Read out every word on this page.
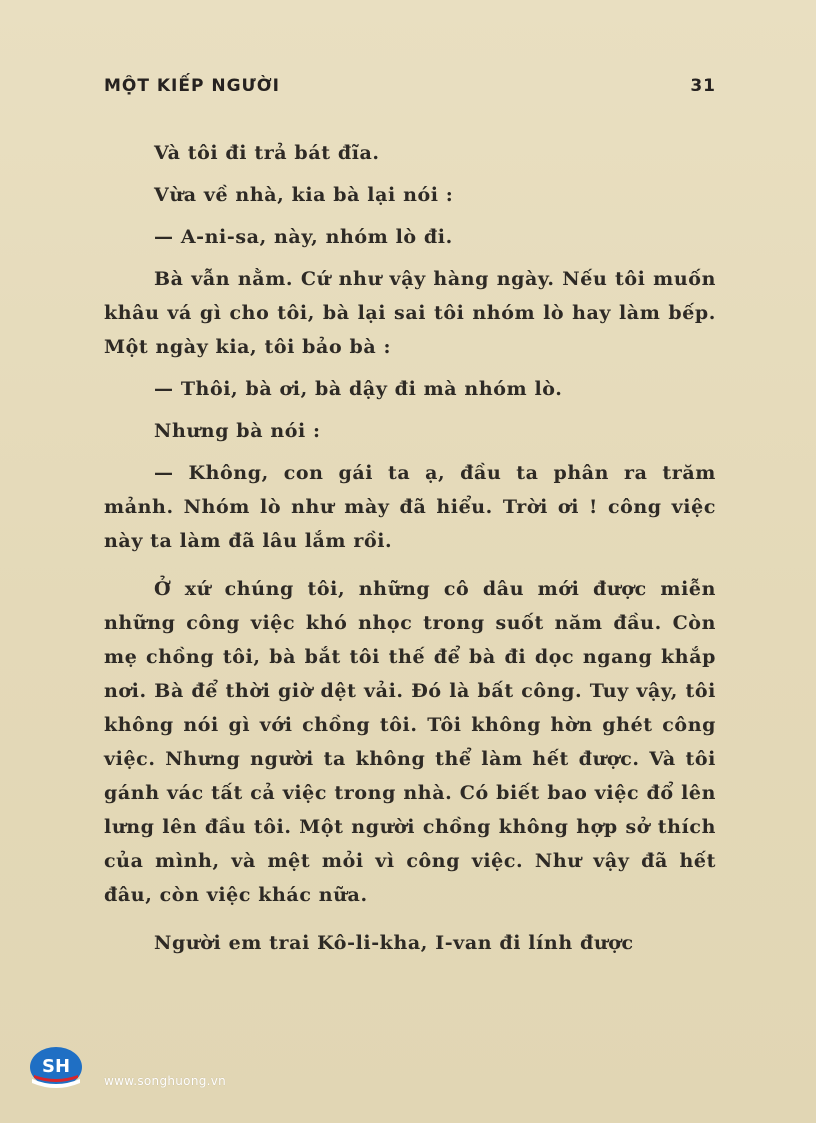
MỘT KIẾP NGƯỜI	31

Và tôi đi trả bát đĩa.

Vừa về nhà, kia bà lại nói :

— A-ni-sa, này, nhóm lò đi.

Bà vẫn nằm. Cứ như vậy hàng ngày. Nếu tôi muốn khâu vá gì cho tôi, bà lại sai tôi nhóm lò hay làm bếp. Một ngày kia, tôi bảo bà :

— Thôi, bà ơi, bà dậy đi mà nhóm lò.

Nhưng bà nói :

— Không, con gái ta ạ, đầu ta phân ra trăm mảnh. Nhóm lò như mày đã hiểu. Trời ơi ! công việc này ta làm đã lâu lắm rồi.

Ở xứ chúng tôi, những cô dâu mới được miễn những công việc khó nhọc trong suốt năm đầu. Còn mẹ chồng tôi, bà bắt tôi thế để bà đi dọc ngang khắp nơi. Bà để thời giờ dệt vải. Đó là bất công. Tuy vậy, tôi không nói gì với chồng tôi. Tôi không hờn ghét công việc. Nhưng người ta không thể làm hết được. Và tôi gánh vác tất cả việc trong nhà. Có biết bao việc đổ lên lưng lên đầu tôi. Một người chồng không hợp sở thích của mình, và mệt mỏi vì công việc. Như vậy đã hết đâu, còn việc khác nữa.

Người em trai Kô-li-kha, I-van đi lính được

SH
www.songhuong.vn
